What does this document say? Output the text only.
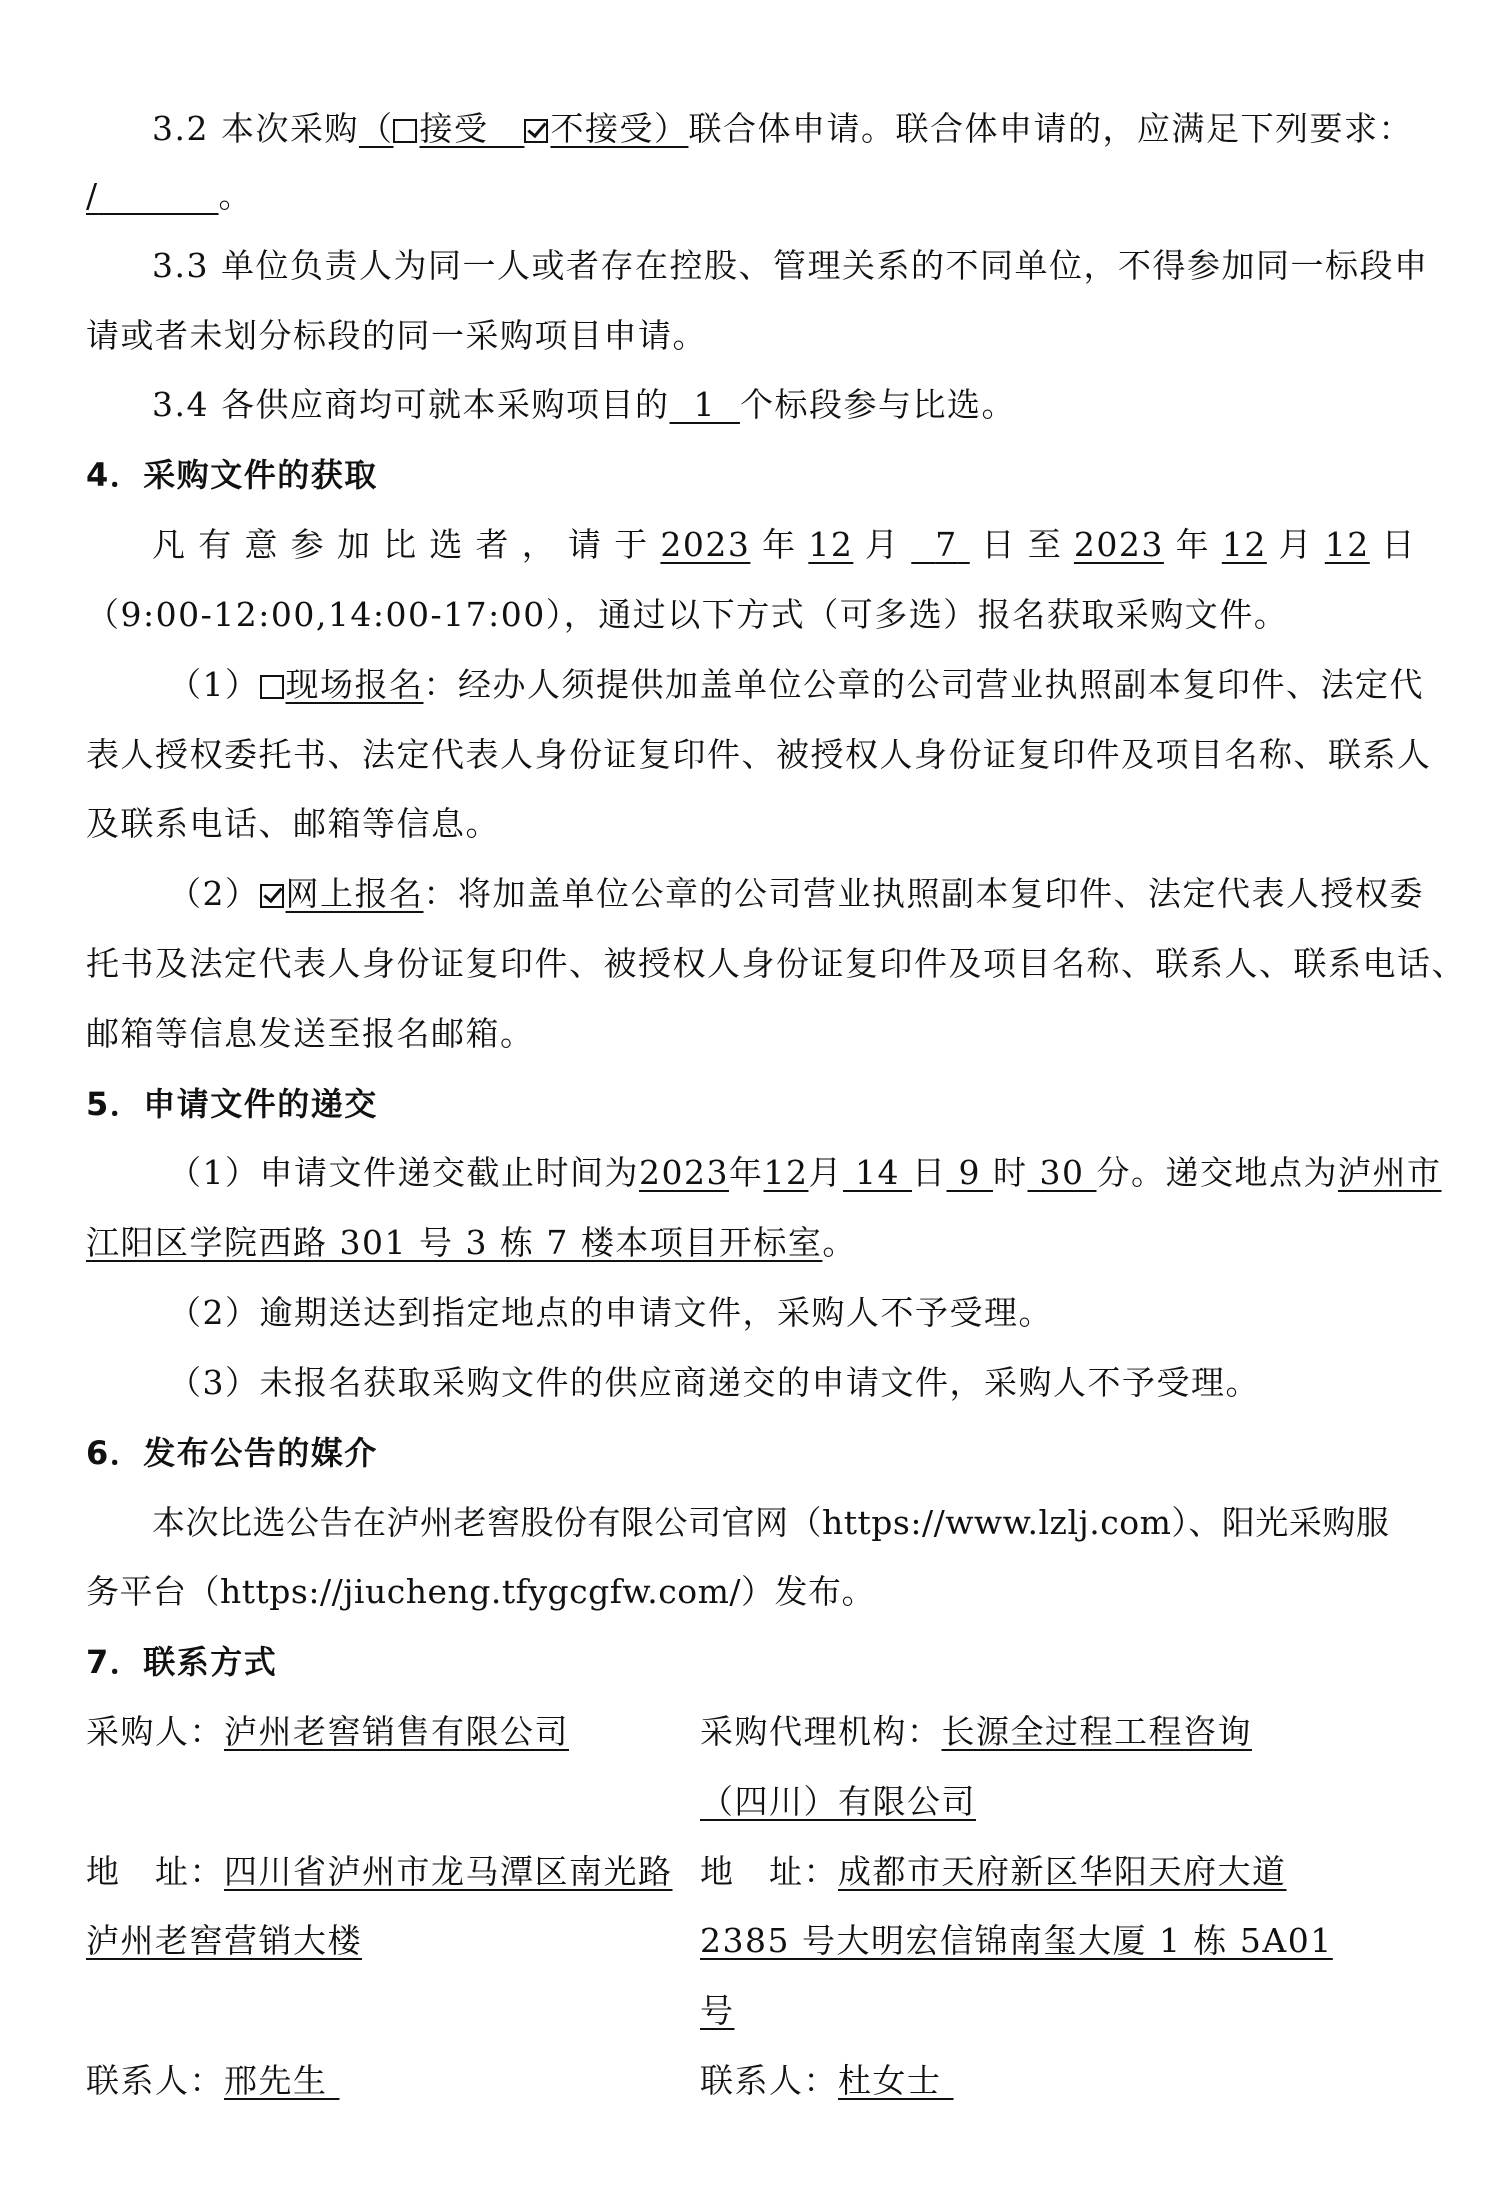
3.2 本次采购（ 接受 不接受）联合体申请。联合体申请的，应满足下列要求：
/	。
3.3 单位负责人为同一人或者存在控股、管理关系的不同单位，不得参加同一标段申
请或者未划分标段的同一采购项目申请。
3.4 各供应商均可就本采购项目的 1 个标段参与比选。
4．采购文件的获取
凡 有 意 参 加 比 选 者 ， 请 于 2023 年 12 月	7 日 至 2023 年 12 月 12 日
（9:00-12:00,14:00-17:00），通过以下方式（可多选）报名获取采购文件。
（1） 现场报名：经办人须提供加盖单位公章的公司营业执照副本复印件、法定代
表人授权委托书、法定代表人身份证复印件、被授权人身份证复印件及项目名称、联系人
及联系电话、邮箱等信息。
（2） 网上报名：将加盖单位公章的公司营业执照副本复印件、法定代表人授权委
托书及法定代表人身份证复印件、被授权人身份证复印件及项目名称、联系人、联系电话、
邮箱等信息发送至报名邮箱。
5．申请文件的递交
（1）申请文件递交截止时间为2023年12月 14 日 9 时 30 分。递交地点为泸州市
江阳区学院西路 301 号 3 栋 7 楼本项目开标室。
（2）逾期送达到指定地点的申请文件，采购人不予受理。
（3）未报名获取采购文件的供应商递交的申请文件，采购人不予受理。
6．发布公告的媒介
本次比选公告在泸州老窖股份有限公司官网（https://www.lzlj.com）、阳光采购服
务平台（https://jiucheng.tfygcgfw.com/）发布。
7．联系方式
采购人：泸州老窖销售有限公司	采购代理机构：长源全过程工程咨询
（四川）有限公司
地　址：四川省泸州市龙马潭区南光路
泸州老窖营销大楼
地　址：成都市天府新区华阳天府大道
2385 号大明宏信锦南玺大厦 1 栋 5A01
号
联系人：邢先生	联系人：杜女士
